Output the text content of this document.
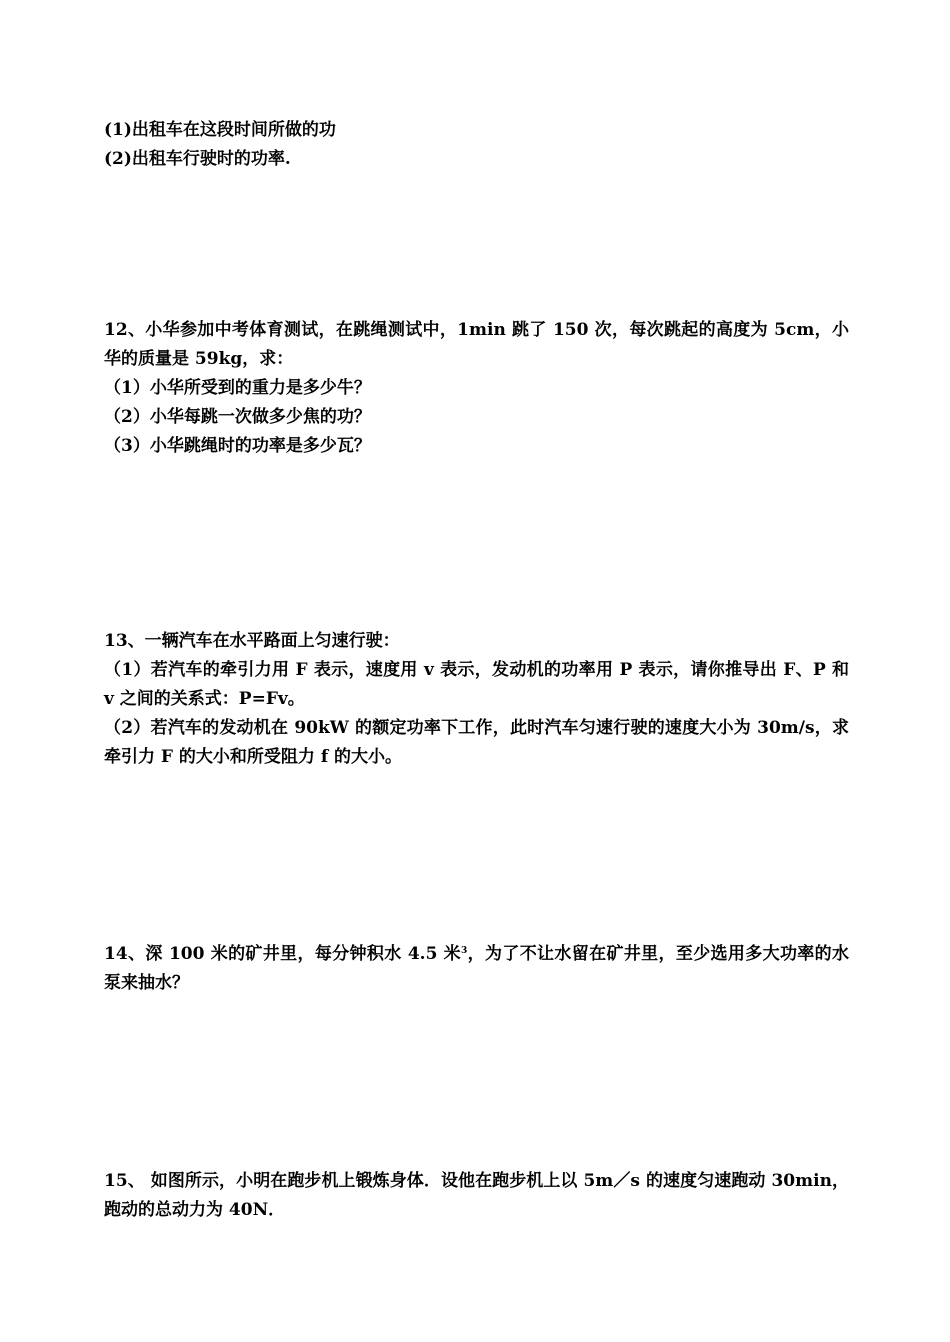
(1)出租车在这段时间所做的功
(2)出租车行驶时的功率.
12、小华参加中考体育测试，在跳绳测试中，1min 跳了 150 次，每次跳起的高度为 5cm，小华的质量是 59kg，求：
（1）小华所受到的重力是多少牛？
（2）小华每跳一次做多少焦的功？
（3）小华跳绳时的功率是多少瓦？
13、一辆汽车在水平路面上匀速行驶：
（1）若汽车的牵引力用 F 表示，速度用 v 表示，发动机的功率用 P 表示，请你推导出 F、P 和 v 之间的关系式：P=Fv。
（2）若汽车的发动机在 90kW 的额定功率下工作，此时汽车匀速行驶的速度大小为 30m/s，求牵引力 F 的大小和所受阻力 f 的大小。
14、深 100 米的矿井里，每分钟积水 4.5 米$^3$，为了不让水留在矿井里，至少选用多大功率的水泵来抽水？
15、 如图所示，小明在跑步机上锻炼身体．设他在跑步机上以 5m／s 的速度匀速跑动 30min，跑动的总动力为 40N．
